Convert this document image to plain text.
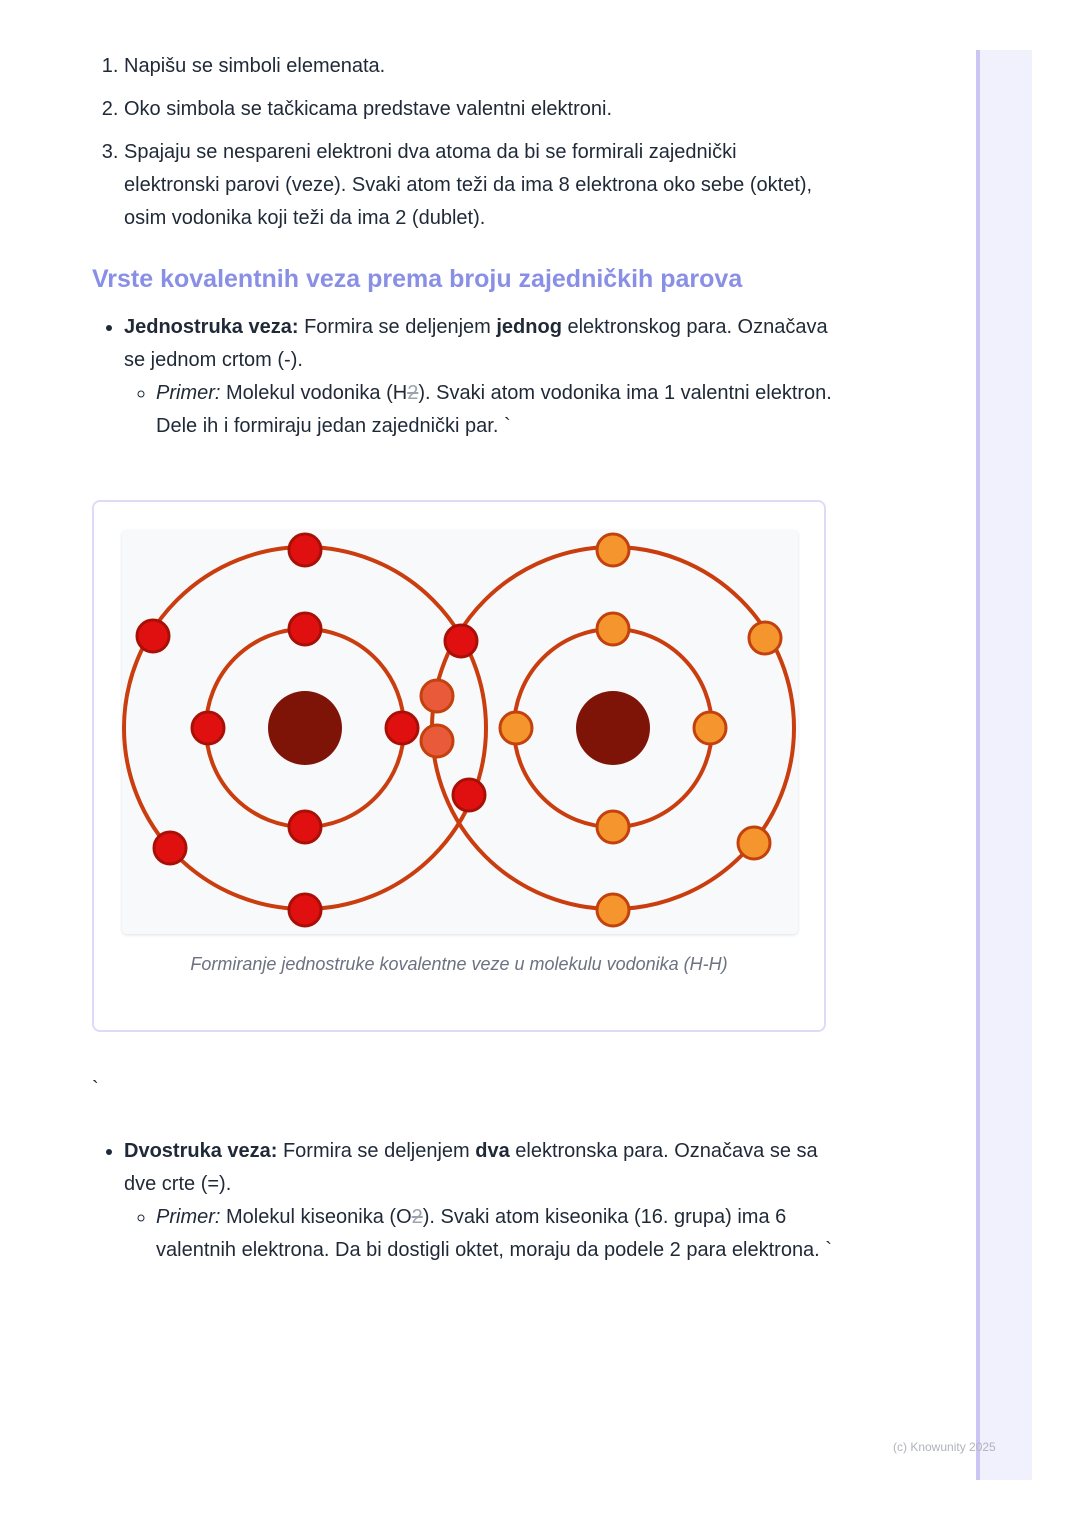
1. Napišu se simboli elemenata.
2. Oko simbola se tačkicama predstave valentni elektroni.
3. Spajaju se nespareni elektroni dva atoma da bi se formirali zajednički elektronski parovi (veze). Svaki atom teži da ima 8 elektrona oko sebe (oktet), osim vodonika koji teži da ima 2 (dublet).
Vrste kovalentnih veza prema broju zajedničkih parova
• Jednostruka veza: Formira se deljenjem jednog elektronskog para. Označava se jednom crtom (-).
◦ Primer: Molekul vodonika (H2). Svaki atom vodonika ima 1 valentni elektron. Dele ih i formiraju jedan zajednički par. `
Formiranje jednostruke kovalentne veze u molekulu vodonika (H-H)
`
• Dvostruka veza: Formira se deljenjem dva elektronska para. Označava se sa dve crte (=).
◦ Primer: Molekul kiseonika (O2). Svaki atom kiseonika (16. grupa) ima 6 valentnih elektrona. Da bi dostigli oktet, moraju da podele 2 para elektrona. `
(c) Knowunity 2025
